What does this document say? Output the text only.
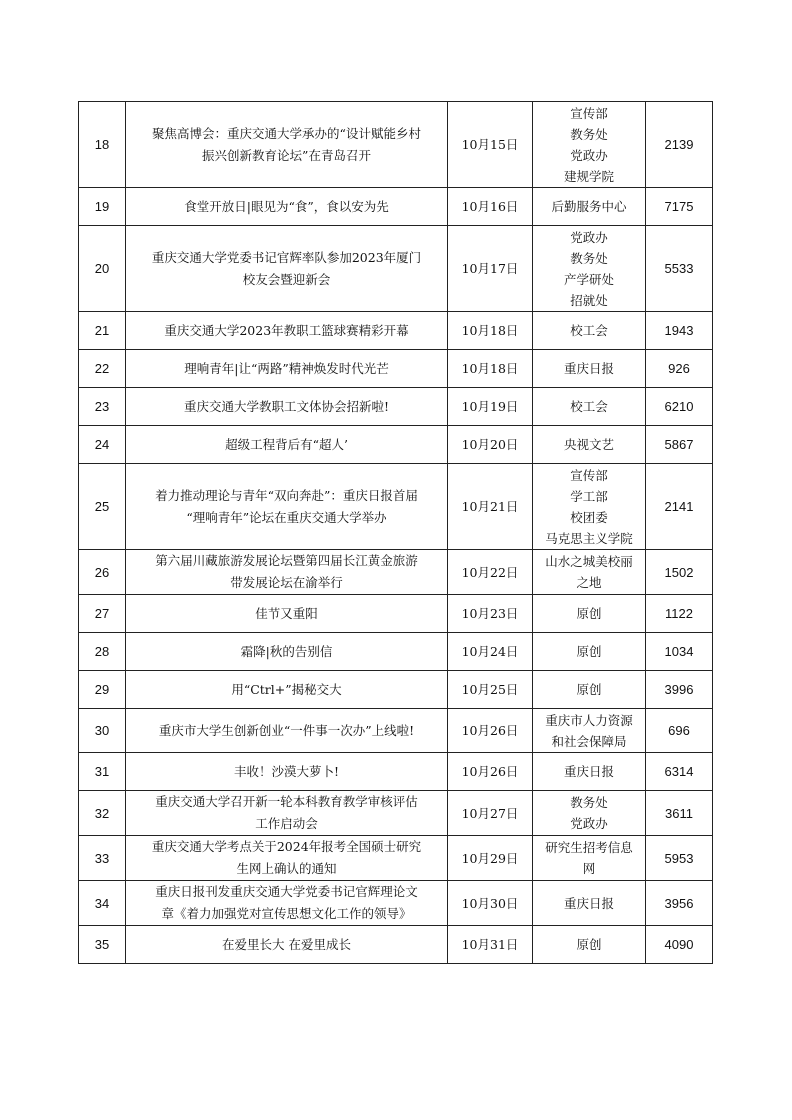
18	聚焦高博会：重庆交通大学承办的“设计赋能乡村
振兴创新教育论坛”在青岛召开	10月15日	宣传部
教务处
党政办
建规学院	2139
19	食堂开放日|眼见为“食”，食以安为先	10月16日	后勤服务中心	7175
20	重庆交通大学党委书记官辉率队参加2023年厦门
校友会暨迎新会	10月17日	党政办
教务处
产学研处
招就处	5533
21	重庆交通大学2023年教职工篮球赛精彩开幕	10月18日	校工会	1943
22	理响青年|让“两路”精神焕发时代光芒	10月18日	重庆日报	926
23	重庆交通大学教职工文体协会招新啦!	10月19日	校工会	6210
24	超级工程背后有“超人’	10月20日	央视文艺	5867
25	着力推动理论与青年“双向奔赴”：重庆日报首届
“理响青年”论坛在重庆交通大学举办	10月21日	宣传部
学工部
校团委
马克思主义学院	2141
26	第六届川藏旅游发展论坛暨第四届长江黄金旅游
带发展论坛在渝举行	10月22日	山水之城美校丽
之地	1502
27	佳节又重阳	10月23日	原创	1122
28	霜降|秋的告别信	10月24日	原创	1034
29	用“Ctrl+”揭秘交大	10月25日	原创	3996
30	重庆市大学生创新创业“一件事一次办”上线啦!	10月26日	重庆市人力资源
和社会保障局	696
31	丰收！沙漠大萝卜!	10月26日	重庆日报	6314
32	重庆交通大学召开新一轮本科教育教学审核评估
工作启动会	10月27日	教务处
党政办	3611
33	重庆交通大学考点关于2024年报考全国硕士研究
生网上确认的通知	10月29日	研究生招考信息
网	5953
34	重庆日报刊发重庆交通大学党委书记官辉理论文
章《着力加强党对宣传思想文化工作的领导》	10月30日	重庆日报	3956
35	在爱里长大 在爱里成长	10月31日	原创	4090
